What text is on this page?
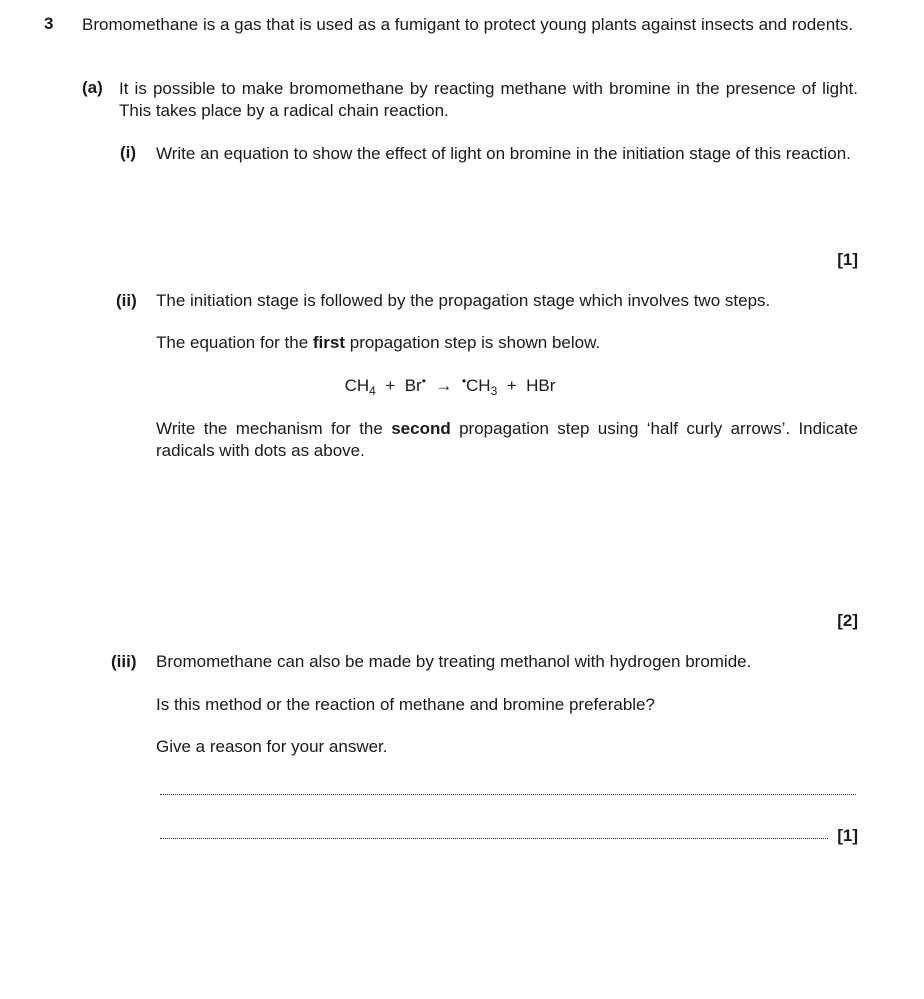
3 Bromomethane is a gas that is used as a fumigant to protect young plants against insects and rodents.
(a) It is possible to make bromomethane by reacting methane with bromine in the presence of light. This takes place by a radical chain reaction.
(i) Write an equation to show the effect of light on bromine in the initiation stage of this reaction.
[1]
(ii) The initiation stage is followed by the propagation stage which involves two steps.
The equation for the first propagation step is shown below.
$CH_4 + Br^• \to ^•CH_3$ + HBr
Write the mechanism for the second propagation step using ‘half curly arrows’. Indicate radicals with dots as above.
[2]
(iii) Bromomethane can also be made by treating methanol with hydrogen bromide.
Is this method or the reaction of methane and bromine preferable?
Give a reason for your answer.
[1]
